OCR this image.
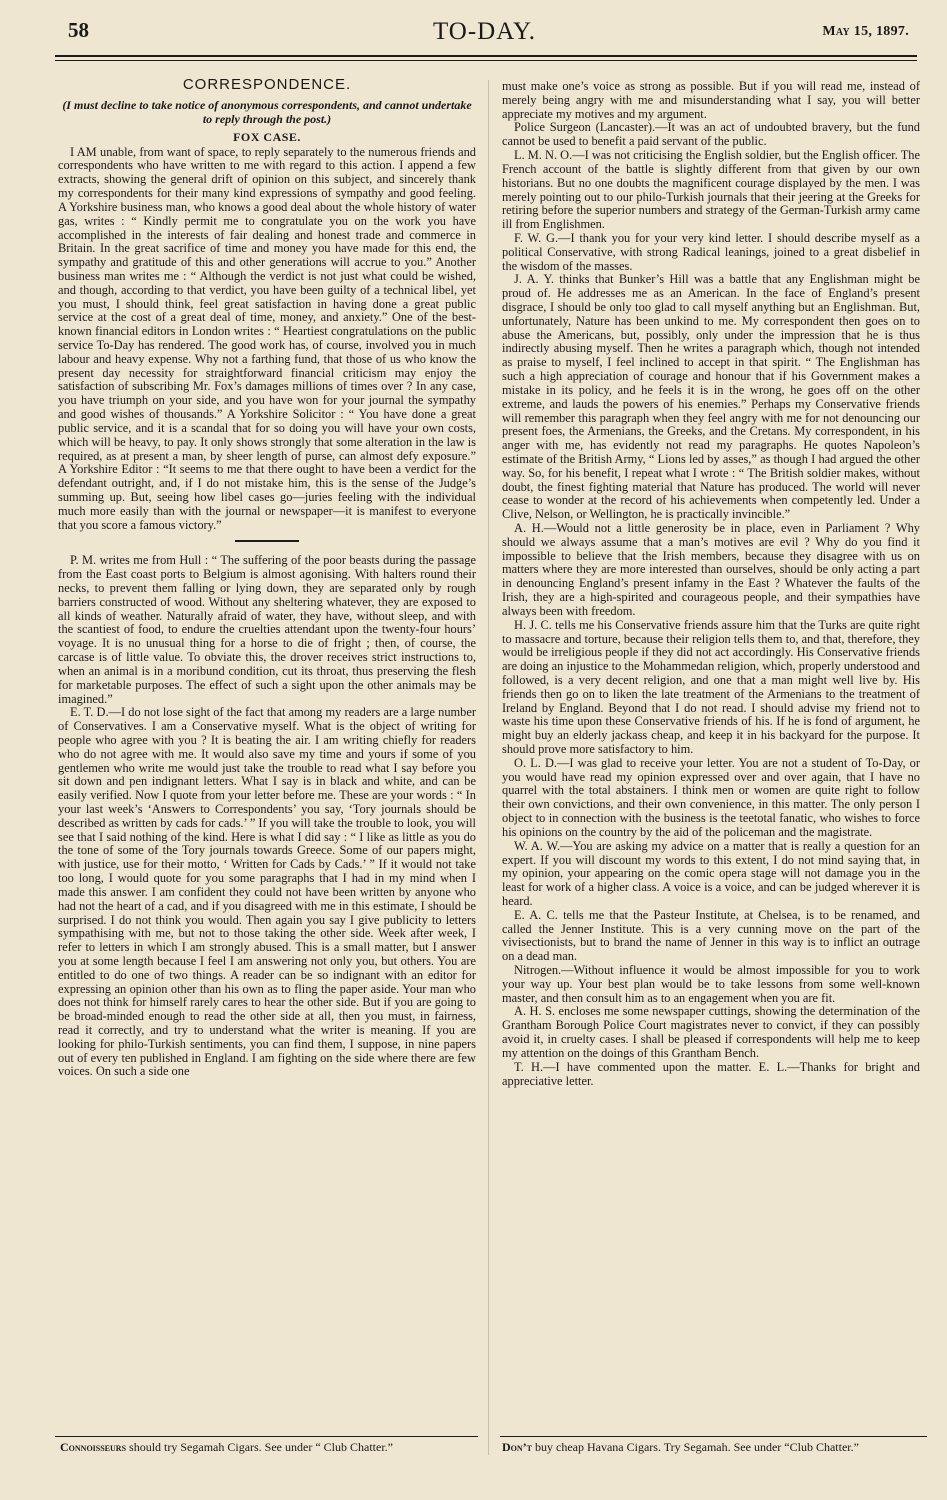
58	TO-DAY.	May 15, 1897.
CORRESPONDENCE.
(I must decline to take notice of anonymous correspondents, and cannot undertake to reply through the post.)
FOX CASE.

I AM unable, from want of space, to reply separately to the numerous friends and correspondents who have written to me with regard to this action. I append a few extracts, showing the general drift of opinion on this subject, and sincerely thank my correspondents for their many kind expressions of sympathy and good feeling. A Yorkshire business man, who knows a good deal about the whole history of water gas, writes : “ Kindly permit me to congratulate you on the work you have accomplished in the interests of fair dealing and honest trade and commerce in Britain. In the great sacrifice of time and money you have made for this end, the sympathy and gratitude of this and other generations will accrue to you.” Another business man writes me : “ Although the verdict is not just what could be wished, and though, according to that verdict, you have been guilty of a technical libel, yet you must, I should think, feel great satisfaction in having done a great public service at the cost of a great deal of time, money, and anxiety.” One of the best-known financial editors in London writes : “ Heartiest congratulations on the public service To-Day has rendered. The good work has, of course, involved you in much labour and heavy expense. Why not a farthing fund, that those of us who know the present day necessity for straightforward financial criticism may enjoy the satisfaction of subscribing Mr. Fox’s damages millions of times over ? In any case, you have triumph on your side, and you have won for your journal the sympathy and good wishes of thousands.” A Yorkshire Solicitor : “ You have done a great public service, and it is a scandal that for so doing you will have your own costs, which will be heavy, to pay. It only shows strongly that some alteration in the law is required, as at present a man, by sheer length of purse, can almost defy exposure.” A Yorkshire Editor : “It seems to me that there ought to have been a verdict for the defendant outright, and, if I do not mistake him, this is the sense of the Judge’s summing up. But, seeing how libel cases go—juries feeling with the individual much more easily than with the journal or newspaper—it is manifest to everyone that you score a famous victory.”

P. M. writes me from Hull : “ The suffering of the poor beasts during the passage from the East coast ports to Belgium is almost agonising. With halters round their necks, to prevent them falling or lying down, they are separated only by rough barriers constructed of wood. Without any sheltering whatever, they are exposed to all kinds of weather. Naturally afraid of water, they have, without sleep, and with the scantiest of food, to endure the cruelties attendant upon the twenty-four hours’ voyage. It is no unusual thing for a horse to die of fright ; then, of course, the carcase is of little value. To obviate this, the drover receives strict instructions to, when an animal is in a moribund condition, cut its throat, thus preserving the flesh for marketable purposes. The effect of such a sight upon the other animals may be imagined.”

E. T. D.—I do not lose sight of the fact that among my readers are a large number of Conservatives. I am a Conservative myself. What is the object of writing for people who agree with you ? It is beating the air. I am writing chiefly for readers who do not agree with me. It would also save my time and yours if some of you gentlemen who write me would just take the trouble to read what I say before you sit down and pen indignant letters. What I say is in black and white, and can be easily verified. Now I quote from your letter before me. These are your words : “ In your last week’s ‘Answers to Correspondents’ you say, ‘Tory journals should be described as written by cads for cads.’ ” If you will take the trouble to look, you will see that I said nothing of the kind. Here is what I did say : “ I like as little as you do the tone of some of the Tory journals towards Greece. Some of our papers might, with justice, use for their motto, ‘ Written for Cads by Cads.’ ” If it would not take too long, I would quote for you some paragraphs that I had in my mind when I made this answer. I am confident they could not have been written by anyone who had not the heart of a cad, and if you disagreed with me in this estimate, I should be surprised. I do not think you would. Then again you say I give publicity to letters sympathising with me, but not to those taking the other side. Week after week, I refer to letters in which I am strongly abused. This is a small matter, but I answer you at some length because I feel I am answering not only you, but others. You are entitled to do one of two things. A reader can be so indignant with an editor for expressing an opinion other than his own as to fling the paper aside. Your man who does not think for himself rarely cares to hear the other side. But if you are going to be broad-minded enough to read the other side at all, then you must, in fairness, read it correctly, and try to understand what the writer is meaning. If you are looking for philo-Turkish sentiments, you can find them, I suppose, in nine papers out of every ten published in England. I am fighting on the side where there are few voices. On such a side one

must make one’s voice as strong as possible. But if you will read me, instead of merely being angry with me and misunderstanding what I say, you will better appreciate my motives and my argument.

Police Surgeon (Lancaster).—It was an act of undoubted bravery, but the fund cannot be used to benefit a paid servant of the public.

L. M. N. O.—I was not criticising the English soldier, but the English officer. The French account of the battle is slightly different from that given by our own historians. But no one doubts the magnificent courage displayed by the men. I was merely pointing out to our philo-Turkish journals that their jeering at the Greeks for retiring before the superior numbers and strategy of the German-Turkish army came ill from Englishmen.

F. W. G.—I thank you for your very kind letter. I should describe myself as a political Conservative, with strong Radical leanings, joined to a great disbelief in the wisdom of the masses.

J. A. Y. thinks that Bunker’s Hill was a battle that any Englishman might be proud of. He addresses me as an American. In the face of England’s present disgrace, I should be only too glad to call myself anything but an Englishman. But, unfortunately, Nature has been unkind to me. My correspondent then goes on to abuse the Americans, but, possibly, only under the impression that he is thus indirectly abusing myself. Then he writes a paragraph which, though not intended as praise to myself, I feel inclined to accept in that spirit. “ The Englishman has such a high appreciation of courage and honour that if his Government makes a mistake in its policy, and he feels it is in the wrong, he goes off on the other extreme, and lauds the powers of his enemies.” Perhaps my Conservative friends will remember this paragraph when they feel angry with me for not denouncing our present foes, the Armenians, the Greeks, and the Cretans. My correspondent, in his anger with me, has evidently not read my paragraphs. He quotes Napoleon’s estimate of the British Army, “ Lions led by asses,” as though I had argued the other way. So, for his benefit, I repeat what I wrote : “ The British soldier makes, without doubt, the finest fighting material that Nature has produced. The world will never cease to wonder at the record of his achievements when competently led. Under a Clive, Nelson, or Wellington, he is practically invincible.”

A. H.—Would not a little generosity be in place, even in Parliament ? Why should we always assume that a man’s motives are evil ? Why do you find it impossible to believe that the Irish members, because they disagree with us on matters where they are more interested than ourselves, should be only acting a part in denouncing England’s present infamy in the East ? Whatever the faults of the Irish, they are a high-spirited and courageous people, and their sympathies have always been with freedom.

H. J. C. tells me his Conservative friends assure him that the Turks are quite right to massacre and torture, because their religion tells them to, and that, therefore, they would be irreligious people if they did not act accordingly. His Conservative friends are doing an injustice to the Mohammedan religion, which, properly understood and followed, is a very decent religion, and one that a man might well live by. His friends then go on to liken the late treatment of the Armenians to the treatment of Ireland by England. Beyond that I do not read. I should advise my friend not to waste his time upon these Conservative friends of his. If he is fond of argument, he might buy an elderly jackass cheap, and keep it in his backyard for the purpose. It should prove more satisfactory to him.

O. L. D.—I was glad to receive your letter. You are not a student of To-Day, or you would have read my opinion expressed over and over again, that I have no quarrel with the total abstainers. I think men or women are quite right to follow their own convictions, and their own convenience, in this matter. The only person I object to in connection with the business is the teetotal fanatic, who wishes to force his opinions on the country by the aid of the policeman and the magistrate.

W. A. W.—You are asking my advice on a matter that is really a question for an expert. If you will discount my words to this extent, I do not mind saying that, in my opinion, your appearing on the comic opera stage will not damage you in the least for work of a higher class. A voice is a voice, and can be judged wherever it is heard.

E. A. C. tells me that the Pasteur Institute, at Chelsea, is to be renamed, and called the Jenner Institute. This is a very cunning move on the part of the vivisectionists, but to brand the name of Jenner in this way is to inflict an outrage on a dead man.

Nitrogen.—Without influence it would be almost impossible for you to work your way up. Your best plan would be to take lessons from some well-known master, and then consult him as to an engagement when you are fit.

A. H. S. encloses me some newspaper cuttings, showing the determination of the Grantham Borough Police Court magistrates never to convict, if they can possibly avoid it, in cruelty cases. I shall be pleased if correspondents will help me to keep my attention on the doings of this Grantham Bench.

T. H.—I have commented upon the matter. E. L.—Thanks for bright and appreciative letter.

Connoisseurs should try Segamah Cigars. See under “ Club Chatter.”	Don’t buy cheap Havana Cigars. Try Segamah. See under “Club Chatter.”
